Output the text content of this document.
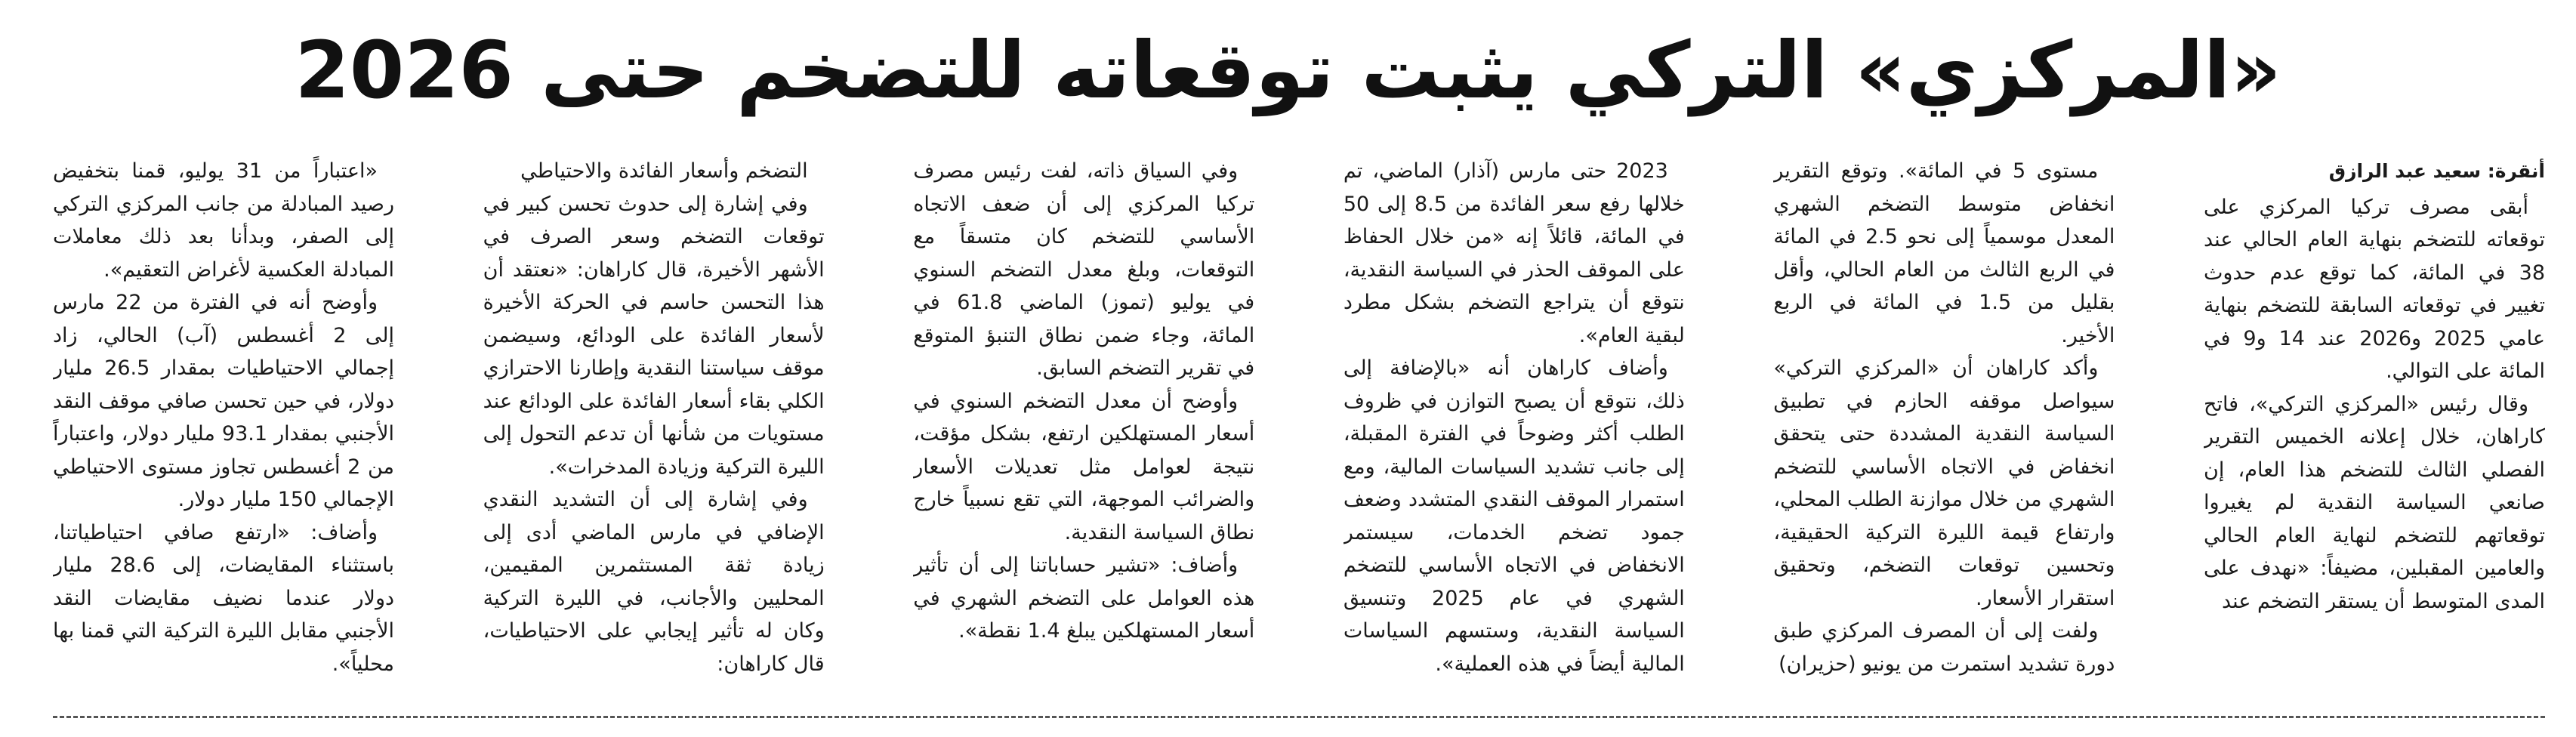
«المركزي» التركي يثبت توقعاته للتضخم حتى 2026
أنقرة: سعيد عبد الرازق

أبقى مصرف تركيا المركزي على توقعاته للتضخم بنهاية العام الحالي عند 38 في المائة، كما توقع عدم حدوث تغيير في توقعاته السابقة للتضخم بنهاية عامي 2025 و2026 عند 14 و9 في المائة على التوالي.

وقال رئيس «المركزي التركي»، فاتح كاراهان، خلال إعلانه الخميس التقرير الفصلي الثالث للتضخم هذا العام، إن صانعي السياسة النقدية لم يغيروا توقعاتهم للتضخم لنهاية العام الحالي والعامين المقبلين، مضيفاً: «نهدف على المدى المتوسط أن يستقر التضخم عند

مستوى 5 في المائة». وتوقع التقرير انخفاض متوسط التضخم الشهري المعدل موسمياً إلى نحو 2.5 في المائة في الربع الثالث من العام الحالي، وأقل بقليل من 1.5 في المائة في الربع الأخير.

وأكد كاراهان أن «المركزي التركي» سيواصل موقفه الحازم في تطبيق السياسة النقدية المشددة حتى يتحقق انخفاض في الاتجاه الأساسي للتضخم الشهري من خلال موازنة الطلب المحلي، وارتفاع قيمة الليرة التركية الحقيقية، وتحسين توقعات التضخم، وتحقيق استقرار الأسعار.

ولفت إلى أن المصرف المركزي طبق دورة تشديد استمرت من يونيو (حزيران)

2023 حتى مارس (آذار) الماضي، تم خلالها رفع سعر الفائدة من 8.5 إلى 50 في المائة، قائلاً إنه «من خلال الحفاظ على الموقف الحذر في السياسة النقدية، نتوقع أن يتراجع التضخم بشكل مطرد لبقية العام».

وأضاف كاراهان أنه «بالإضافة إلى ذلك، نتوقع أن يصبح التوازن في ظروف الطلب أكثر وضوحاً في الفترة المقبلة، إلى جانب تشديد السياسات المالية، ومع استمرار الموقف النقدي المتشدد وضعف جمود تضخم الخدمات، سيستمر الانخفاض في الاتجاه الأساسي للتضخم الشهري في عام 2025 وتنسيق السياسة النقدية، وستسهم السياسات المالية أيضاً في هذه العملية».

وفي السياق ذاته، لفت رئيس مصرف تركيا المركزي إلى أن ضعف الاتجاه الأساسي للتضخم كان متسقاً مع التوقعات، وبلغ معدل التضخم السنوي في يوليو (تموز) الماضي 61.8 في المائة، وجاء ضمن نطاق التنبؤ المتوقع في تقرير التضخم السابق.

وأوضح أن معدل التضخم السنوي في أسعار المستهلكين ارتفع، بشكل مؤقت، نتيجة لعوامل مثل تعديلات الأسعار والضرائب الموجهة، التي تقع نسبياً خارج نطاق السياسة النقدية.

وأضاف: «تشير حساباتنا إلى أن تأثير هذه العوامل على التضخم الشهري في أسعار المستهلكين يبلغ 1.4 نقطة».

التضخم وأسعار الفائدة والاحتياطي

وفي إشارة إلى حدوث تحسن كبير في توقعات التضخم وسعر الصرف في الأشهر الأخيرة، قال كاراهان: «نعتقد أن هذا التحسن حاسم في الحركة الأخيرة لأسعار الفائدة على الودائع، وسيضمن موقف سياستنا النقدية وإطارنا الاحترازي الكلي بقاء أسعار الفائدة على الودائع عند مستويات من شأنها أن تدعم التحول إلى الليرة التركية وزيادة المدخرات».

وفي إشارة إلى أن التشديد النقدي الإضافي في مارس الماضي أدى إلى زيادة ثقة المستثمرين المقيمين، المحليين والأجانب، في الليرة التركية وكان له تأثير إيجابي على الاحتياطيات، قال كاراهان:

«اعتباراً من 31 يوليو، قمنا بتخفيض رصيد المبادلة من جانب المركزي التركي إلى الصفر، وبدأنا بعد ذلك معاملات المبادلة العكسية لأغراض التعقيم».

وأوضح أنه في الفترة من 22 مارس إلى 2 أغسطس (آب) الحالي، زاد إجمالي الاحتياطيات بمقدار 26.5 مليار دولار، في حين تحسن صافي موقف النقد الأجنبي بمقدار 93.1 مليار دولار، واعتباراً من 2 أغسطس تجاوز مستوى الاحتياطي الإجمالي 150 مليار دولار.

وأضاف: «ارتفع صافي احتياطياتنا، باستثناء المقايضات، إلى 28.6 مليار دولار عندما نضيف مقايضات النقد الأجنبي مقابل الليرة التركية التي قمنا بها محلياً».
